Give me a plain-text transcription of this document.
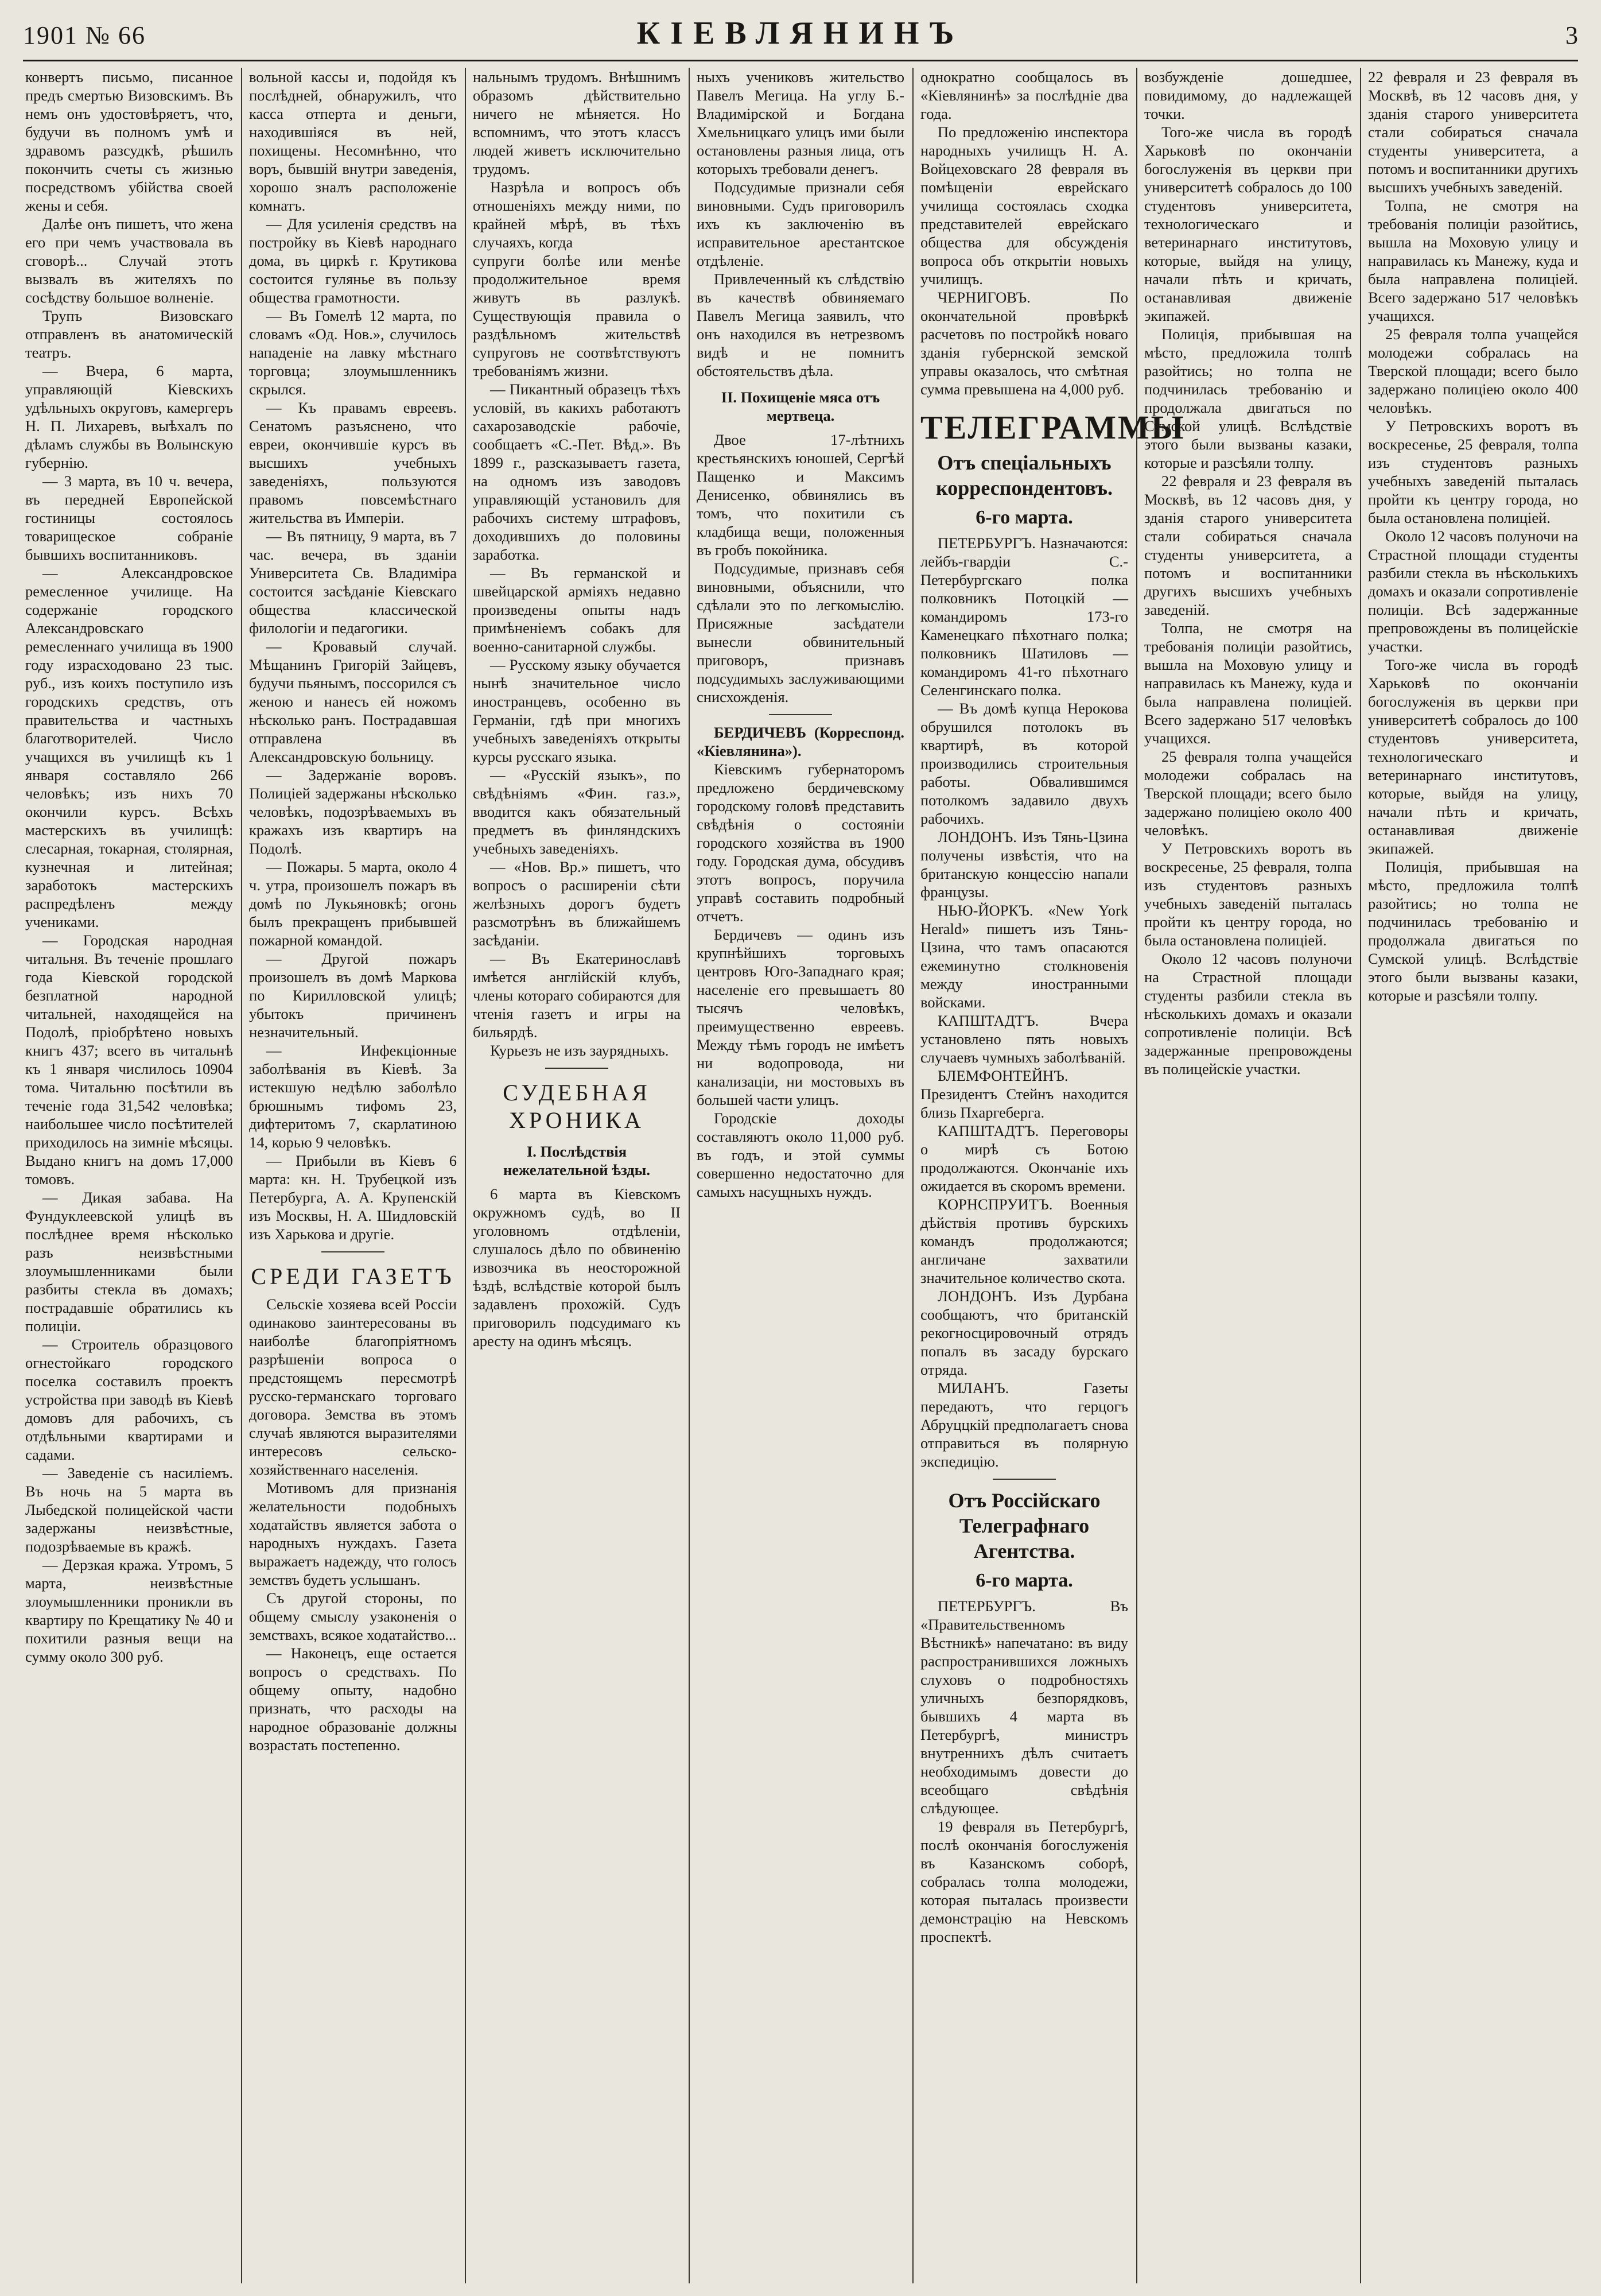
1901 № 66	КІЕВЛЯНИНЪ	3

конвертъ письмо, писанное предъ смертью Визовскимъ. Въ немъ онъ удостовѣряетъ, что, будучи въ полномъ умѣ и здравомъ разсудкѣ, рѣшилъ покончить счеты съ жизнью посредствомъ убійства своей жены и себя.

Далѣе онъ пишетъ, что жена его при чемъ участвовала въ сговорѣ... Случай этотъ вызвалъ въ жителяхъ по сосѣдству большое волненіе.

Трупъ Визовскаго отправленъ въ анатомическій театръ.

— Вчера, 6 марта, управляющій Кіевскихъ удѣльныхъ округовъ, камергеръ Н. П. Лихаревъ, выѣхалъ по дѣламъ службы въ Волынскую губернію.

— 3 марта, въ 10 ч. вечера, въ передней Европейской гостиницы состоялось товарищеское собраніе бывшихъ воспитанниковъ.

— Александровское ремесленное училище. На содержаніе городского Александровскаго ремесленнаго училища въ 1900 году израсходовано 23 тыс. руб., изъ коихъ поступило изъ городскихъ средствъ, отъ правительства и частныхъ благотворителей. Число учащихся въ училищѣ къ 1 января составляло 266 человѣкъ; изъ нихъ 70 окончили курсъ. Всѣхъ мастерскихъ въ училищѣ: слесарная, токарная, столярная, кузнечная и литейная; заработокъ мастерскихъ распредѣленъ между учениками.

— Городская народная читальня. Въ теченіе прошлаго года Кіевской городской безплатной народной читальней, находящейся на Подолѣ, пріобрѣтено новыхъ книгъ 437; всего въ читальнѣ къ 1 января числилось 10904 тома. Читальню посѣтили въ теченіе года 31,542 человѣка; наибольшее число посѣтителей приходилось на зимніе мѣсяцы. Выдано книгъ на домъ 17,000 томовъ.

— Дикая забава. На Фундуклеевской улицѣ въ послѣднее время нѣсколько разъ неизвѣстными злоумышленниками были разбиты стекла въ домахъ; пострадавшіе обратились къ полиціи.

— Строитель образцового огнестойкаго городского поселка составилъ проектъ устройства при заводѣ въ Кіевѣ домовъ для рабочихъ, съ отдѣльными квартирами и садами.

— Заведеніе съ насиліемъ. Въ ночь на 5 марта въ Лыбедской полицейской части задержаны неизвѣстные, подозрѣваемые въ кражѣ.

— Дерзкая кража. Утромъ, 5 марта, неизвѣстные злоумышленники проникли въ квартиру по Крещатику № 40 и похитили разныя вещи на сумму около 300 руб.

вольной кассы и, подойдя къ послѣдней, обнаружилъ, что касса отперта и деньги, находившіяся въ ней, похищены. Несомнѣнно, что воръ, бывшій внутри заведенія, хорошо зналъ расположеніе комнатъ.

— Для усиленія средствъ на постройку въ Кіевѣ народнаго дома, въ циркѣ г. Крутикова состоится гулянье въ пользу общества грамотности.

— Въ Гомелѣ 12 марта, по словамъ «Од. Нов.», случилось нападеніе на лавку мѣстнаго торговца; злоумышленникъ скрылся.

— Къ правамъ евреевъ. Сенатомъ разъяснено, что евреи, окончившіе курсъ въ высшихъ учебныхъ заведеніяхъ, пользуются правомъ повсемѣстнаго жительства въ Имперіи.

— Въ пятницу, 9 марта, въ 7 час. вечера, въ зданіи Университета Св. Владиміра состоится засѣданіе Кіевскаго общества классической филологіи и педагогики.

— Кровавый случай. Мѣщанинъ Григорій Зайцевъ, будучи пьянымъ, поссорился съ женою и нанесъ ей ножомъ нѣсколько ранъ. Пострадавшая отправлена въ Александровскую больницу.

— Задержаніе воровъ. Полиціей задержаны нѣсколько человѣкъ, подозрѣваемыхъ въ кражахъ изъ квартиръ на Подолѣ.

— Пожары. 5 марта, около 4 ч. утра, произошелъ пожаръ въ домѣ по Лукьяновкѣ; огонь былъ прекращенъ прибывшей пожарной командой.

— Другой пожаръ произошелъ въ домѣ Маркова по Кирилловской улицѣ; убытокъ причиненъ незначительный.

— Инфекціонные заболѣванія въ Кіевѣ. За истекшую недѣлю заболѣло брюшнымъ тифомъ 23, дифтеритомъ 7, скарлатиною 14, корью 9 человѣкъ.

— Прибыли въ Кіевъ 6 марта: кн. Н. Трубецкой изъ Петербурга, А. А. Крупенскій изъ Москвы, Н. А. Шидловскій изъ Харькова и другіе.

СРЕДИ ГАЗЕТЪ

Сельскіе хозяева всей Россіи одинаково заинтересованы въ наиболѣе благопріятномъ разрѣшеніи вопроса о предстоящемъ пересмотрѣ русско-германскаго торговаго договора. Земства въ этомъ случаѣ являются выразителями интересовъ сельско-хозяйственнаго населенія.

Мотивомъ для признанія желательности подобныхъ ходатайствъ является забота о народныхъ нуждахъ. Газета выражаетъ надежду, что голосъ земствъ будетъ услышанъ.

Съ другой стороны, по общему смыслу узаконенія о земствахъ, всякое ходатайство...

— Наконецъ, еще остается вопросъ о средствахъ. Пo общему опыту, надобно признать, что расходы на народное образованіе должны возрастать постепенно.

нальнымъ трудомъ. Внѣшнимъ образомъ дѣйствительно ничего не мѣняется. Но вспомнимъ, что этотъ классъ людей живетъ исключительно трудомъ.

Назрѣла и вопросъ объ отношеніяхъ между ними, по крайней мѣрѣ, въ тѣхъ случаяхъ, когда

супруги болѣе или менѣе продолжительное время живутъ въ разлукѣ. Существующія правила о раздѣльномъ жительствѣ супруговъ не соотвѣтствуютъ требованіямъ жизни.

— Пикантный образецъ тѣхъ условій, въ какихъ работаютъ сахарозаводскіе рабочіе, сообщаетъ «С.-Пет. Вѣд.». Въ 1899 г., разсказываетъ газета, на одномъ изъ заводовъ управляющій установилъ для рабочихъ систему штрафовъ, доходившихъ до половины заработка.

— Въ германской и швейцарской арміяхъ недавно произведены опыты надъ примѣненіемъ собакъ для военно-санитарной службы.

— Русскому языку обучается нынѣ значительное число иностранцевъ, особенно въ Германіи, гдѣ при многихъ учебныхъ заведеніяхъ открыты курсы русскаго языка.

— «Русскій языкъ», по свѣдѣніямъ «Фин. газ.», вводится какъ обязательный предметъ въ финляндскихъ учебныхъ заведеніяхъ.

— «Нов. Вр.» пишетъ, что вопросъ о расширеніи сѣти желѣзныхъ дорогъ будетъ разсмотрѣнъ въ ближайшемъ засѣданіи.

— Въ Екатеринославѣ имѣется англійскій клубъ, члены котораго собираются для чтенія газетъ и игры на бильярдѣ.

Курьезъ не изъ заурядныхъ.

СУДЕБНАЯ ХРОНИКА
I. Послѣдствія нежелательной ѣзды.

6 марта въ Кіевскомъ окружномъ судѣ, во II уголовномъ отдѣленіи, слушалось дѣло по обвиненію извозчика въ неосторожной ѣздѣ, вслѣдствіе которой былъ задавленъ прохожій. Судъ приговорилъ подсудимаго къ аресту на одинъ мѣсяцъ.

ныхъ учениковъ жительство Павелъ Мегица. На углу Б.-Владимірской и Богдана Хмельницкаго улицъ ими были остановлены разныя лица, отъ которыхъ требовали денегъ.

Подсудимые признали себя виновными. Судъ приговорилъ ихъ къ заключенію въ исправительное арестантское отдѣленіе.

Привлеченный къ слѣдствію въ качествѣ обвиняемаго Павелъ Мегица заявилъ, что онъ находился въ нетрезвомъ видѣ и не помнитъ обстоятельствъ дѣла.

II. Похищеніе мяса отъ мертвеца.

Двое 17-лѣтнихъ крестьянскихъ юношей, Сергѣй Пащенко и Максимъ Денисенко, обвинялись въ томъ, что похитили съ кладбища вещи, положенныя въ гробъ покойника.

Подсудимые, признавъ себя виновными, объяснили, что сдѣлали это по легкомыслію. Присяжные засѣдатели вынесли обвинительный приговоръ, признавъ подсудимыхъ заслуживающими снисхожденія.

БЕРДИЧЕВЪ (Корреспонд. «Кіевлянина»).

Кіевскимъ губернаторомъ предложено бердичевскому городскому головѣ представить свѣдѣнія о состояніи городского хозяйства въ 1900 году. Городская дума, обсудивъ этотъ вопросъ, поручила управѣ составить подробный отчетъ.

Бердичевъ — одинъ изъ крупнѣйшихъ торговыхъ центровъ Юго-Западнаго края; населеніе его превышаетъ 80 тысячъ человѣкъ, преимущественно евреевъ. Между тѣмъ городъ не имѣетъ ни водопровода, ни канализаціи, ни мостовыхъ въ большей части улицъ.

Городскіе доходы составляютъ около 11,000 руб. въ годъ, и этой суммы совершенно недостаточно для самыхъ насущныхъ нуждъ.

однократно сообщалось въ «Кіевлянинѣ» за послѣдніе два года.

По предложенію инспектора народныхъ училищъ Н. А. Войцеховскаго 28 февраля въ помѣщеніи еврейскаго училища состоялась сходка представителей еврейскаго общества для обсужденія вопроса объ открытіи новыхъ училищъ.

ЧЕРНИГОВЪ. По окончательной провѣркѣ расчетовъ по постройкѣ новаго зданія губернской земской управы оказалось, что смѣтная сумма превышена на 4,000 руб.

ТЕЛЕГРАММЫ
Отъ спеціальныхъ корреспондентовъ.
6-го марта.

ПЕТЕРБУРГЪ. Назначаются: лейбъ-гвардіи С.-Петербургскаго полка полковникъ Потоцкій — командиромъ 173-го Каменецкаго пѣхотнаго полка; полковникъ Шатиловъ — командиромъ 41-го пѣхотнаго Селенгинскаго полка.

— Въ домѣ купца Нерокова обрушился потолокъ въ квартирѣ, въ которой производились строительныя работы. Обвалившимся потолкомъ задавило двухъ рабочихъ.

ЛОНДОНЪ. Изъ Тянь-Цзина получены извѣстія, что на британскую концессію напали французы.

НЬЮ-ЙОРКЪ. «New York Herald» пишетъ изъ Тянь-Цзина, что тамъ опасаются ежеминутно столкновенія между иностранными войсками.

КАПШТАДТЪ. Вчера установлено пять новыхъ случаевъ чумныхъ заболѣваній.

БЛЕМФОНТЕЙНЪ. Президентъ Стейнъ находится близь Пхаргеберга.

КАПШТАДТЪ. Переговоры о мирѣ съ Ботою продолжаются. Окончаніе ихъ ожидается въ скоромъ времени.

КОРНСПРУИТЪ. Военныя дѣйствія противъ бурскихъ командъ продолжаются; англичане захватили значительное количество скота.

ЛОНДОНЪ. Изъ Дурбана сообщаютъ, что британскій рекогносцировочный отрядъ попалъ въ засаду бурскаго отряда.

МИЛАНЪ. Газеты передаютъ, что герцогъ Абруццкій предполагаетъ снова отправиться въ полярную экспедицію.

Отъ Россійскаго Телеграфнаго Агентства.
6-го марта.

ПЕТЕРБУРГЪ. Въ «Правительственномъ Вѣстникѣ» напечатано: въ виду распространившихся ложныхъ слуховъ о подробностяхъ уличныхъ безпорядковъ, бывшихъ 4 марта въ Петербургѣ, министръ внутреннихъ дѣлъ считаетъ необходимымъ довести до всеобщаго свѣдѣнія слѣдующее.

19 февраля въ Петербургѣ, послѣ окончанія богослуженія въ Казанскомъ соборѣ, собралась толпа молодежи, которая пыталась произвести демонстрацію на Невскомъ проспектѣ.

возбужденіе дошедшее, повидимому, до надлежащей точки.

Того-же числа въ городѣ Харьковѣ по окончаніи богослуженія въ церкви при университетѣ собралось до 100 студентовъ университета, технологическаго и ветеринарнаго институтовъ, которые, выйдя на улицу, начали пѣть и кричать, останавливая движеніе экипажей.

Полиція, прибывшая на мѣсто, предложила толпѣ разойтись; но толпа не подчинилась требованію и продолжала двигаться по Сумской улицѣ. Вслѣдствіе этого были вызваны казаки, которые и разсѣяли толпу.

22 февраля и 23 февраля въ Москвѣ, въ 12 часовъ дня, у зданія старого университета стали собираться сначала студенты университета, а потомъ и воспитанники другихъ высшихъ учебныхъ заведеній.

Толпа, не смотря на требованія полиціи разойтись, вышла на Моховую улицу и направилась къ Манежу, куда и была направлена полиціей. Всего задержано 517 человѣкъ учащихся.

25 февраля толпа учащейся молодежи собралась на Тверской площади; всего было задержано полиціею около 400 человѣкъ.

У Петровскихъ воротъ въ воскресенье, 25 февраля, толпа изъ студентовъ разныхъ учебныхъ заведеній пыталась пройти къ центру города, но была остановлена полиціей.

Около 12 часовъ полуночи на Страстной площади студенты разбили стекла въ нѣсколькихъ домахъ и оказали сопротивленіе полиціи. Всѣ задержанные препровождены въ полицейскіе участки.

22 февраля и 23 февраля въ Москвѣ, въ 12 часовъ дня, у зданія старого университета стали собираться сначала студенты университета, а потомъ и воспитанники другихъ высшихъ учебныхъ заведеній.

Толпа, не смотря на требованія полиціи разойтись, вышла на Моховую улицу и направилась къ Манежу, куда и была направлена полиціей. Всего задержано 517 человѣкъ учащихся.

25 февраля толпа учащейся молодежи собралась на Тверской площади; всего было задержано полиціею около 400 человѣкъ.

У Петровскихъ воротъ въ воскресенье, 25 февраля, толпа изъ студентовъ разныхъ учебныхъ заведеній пыталась пройти къ центру города, но была остановлена полиціей.

Около 12 часовъ полуночи на Страстной площади студенты разбили стекла въ нѣсколькихъ домахъ и оказали сопротивленіе полиціи. Всѣ задержанные препровождены въ полицейскіе участки.

Того-же числа въ городѣ Харьковѣ по окончаніи богослуженія въ церкви при университетѣ собралось до 100 студентовъ университета, технологическаго и ветеринарнаго институтовъ, которые, выйдя на улицу, начали пѣть и кричать, останавливая движеніе экипажей.

Полиція, прибывшая на мѣсто, предложила толпѣ разойтись; но толпа не подчинилась требованію и продолжала двигаться по Сумской улицѣ. Вслѣдствіе этого были вызваны казаки, которые и разсѣяли толпу.
